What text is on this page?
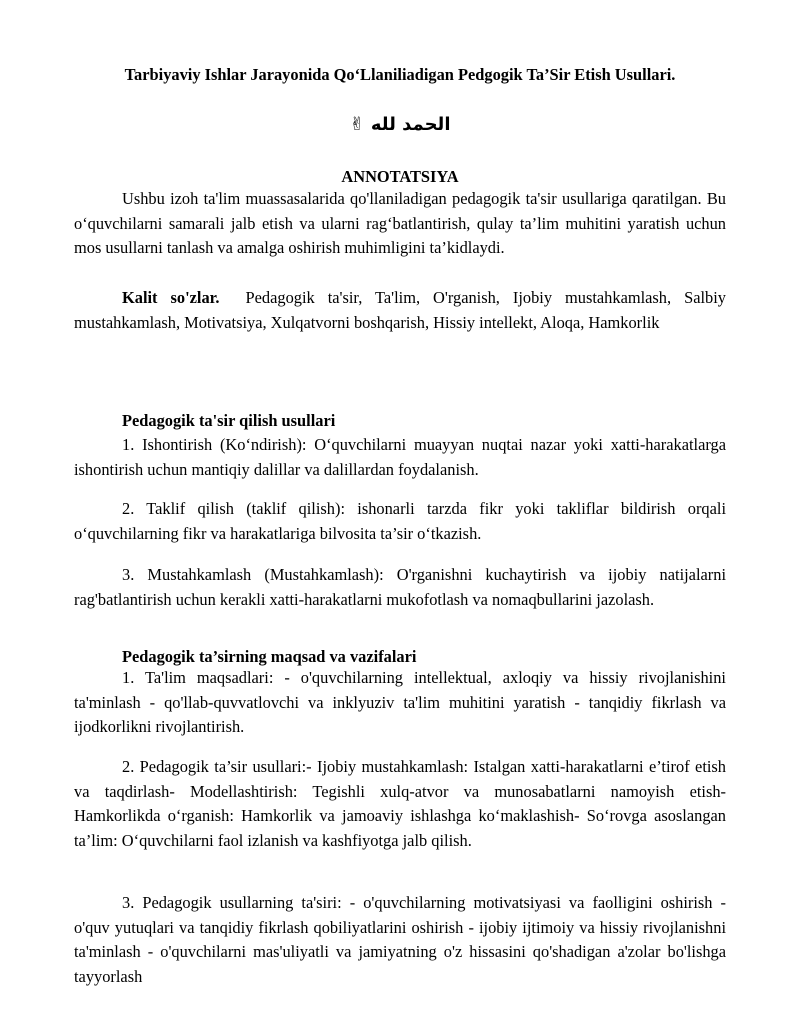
Tarbiyaviy Ishlar Jarayonida Qo‘Llaniliadigan Pedgogik Ta’Sir Etish Usullari.
الحمد لله ✌
ANNOTATSIYA

Ushbu izoh ta'lim muassasalarida qo'llaniladigan pedagogik ta'sir usullariga qaratilgan. Bu o‘quvchilarni samarali jalb etish va ularni rag‘batlantirish, qulay ta’lim muhitini yaratish uchun mos usullarni tanlash va amalga oshirish muhimligini ta’kidlaydi.

Kalit so'zlar. Pedagogik ta'sir, Ta'lim, O'rganish, Ijobiy mustahkamlash, Salbiy mustahkamlash, Motivatsiya, Xulqatvorni boshqarish, Hissiy intellekt, Aloqa, Hamkorlik

Pedagogik ta'sir qilish usullari

1. Ishontirish (Ko‘ndirish): O‘quvchilarni muayyan nuqtai nazar yoki xatti-harakatlarga ishontirish uchun mantiqiy dalillar va dalillardan foydalanish.

2. Taklif qilish (taklif qilish): ishonarli tarzda fikr yoki takliflar bildirish orqali o‘quvchilarning fikr va harakatlariga bilvosita ta’sir o‘tkazish.

3. Mustahkamlash (Mustahkamlash): O'rganishni kuchaytirish va ijobiy natijalarni rag'batlantirish uchun kerakli xatti-harakatlarni mukofotlash va nomaqbullarini jazolash.

Pedagogik ta’sirning maqsad va vazifalari

1. Ta'lim maqsadlari: - o'quvchilarning intellektual, axloqiy va hissiy rivojlanishini ta'minlash - qo'llab-quvvatlovchi va inklyuziv ta'lim muhitini yaratish - tanqidiy fikrlash va ijodkorlikni rivojlantirish.

2. Pedagogik ta’sir usullari:- Ijobiy mustahkamlash: Istalgan xatti-harakatlarni e’tirof etish va taqdirlash- Modellashtirish: Tegishli xulq-atvor va munosabatlarni namoyish etish- Hamkorlikda o‘rganish: Hamkorlik va jamoaviy ishlashga ko‘maklashish- So‘rovga asoslangan ta’lim: O‘quvchilarni faol izlanish va kashfiyotga jalb qilish.

3. Pedagogik usullarning ta'siri: - o'quvchilarning motivatsiyasi va faolligini oshirish - o'quv yutuqlari va tanqidiy fikrlash qobiliyatlarini oshirish - ijobiy ijtimoiy va hissiy rivojlanishni ta'minlash - o'quvchilarni mas'uliyatli va jamiyatning o'z hissasini qo'shadigan a'zolar bo'lishga tayyorlash
